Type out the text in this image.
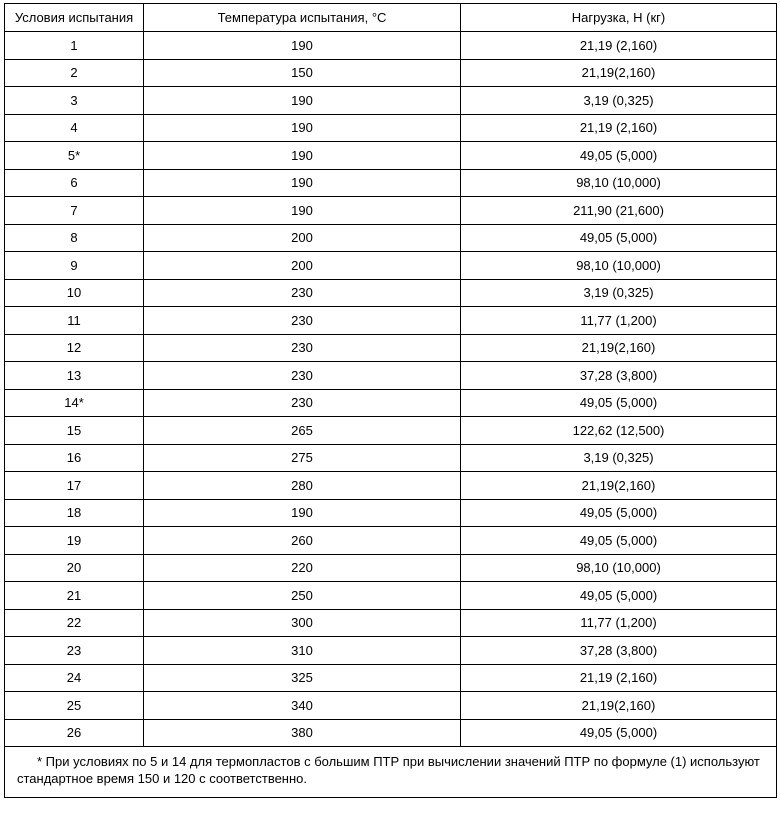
Условия испытания	Температура испытания, °С	Нагрузка, Н (кг)
1	190	21,19 (2,160)
2	150	21,19(2,160)
3	190	3,19 (0,325)
4	190	21,19 (2,160)
5*	190	49,05 (5,000)
6	190	98,10 (10,000)
7	190	211,90 (21,600)
8	200	49,05 (5,000)
9	200	98,10 (10,000)
10	230	3,19 (0,325)
11	230	11,77 (1,200)
12	230	21,19(2,160)
13	230	37,28 (3,800)
14*	230	49,05 (5,000)
15	265	122,62 (12,500)
16	275	3,19 (0,325)
17	280	21,19(2,160)
18	190	49,05 (5,000)
19	260	49,05 (5,000)
20	220	98,10 (10,000)
21	250	49,05 (5,000)
22	300	11,77 (1,200)
23	310	37,28 (3,800)
24	325	21,19 (2,160)
25	340	21,19(2,160)
26	380	49,05 (5,000)
* При условиях по 5 и 14 для термопластов с большим ПТР при вычислении значений ПТР по формуле (1) используют стандартное время 150 и 120 с соответственно.		
